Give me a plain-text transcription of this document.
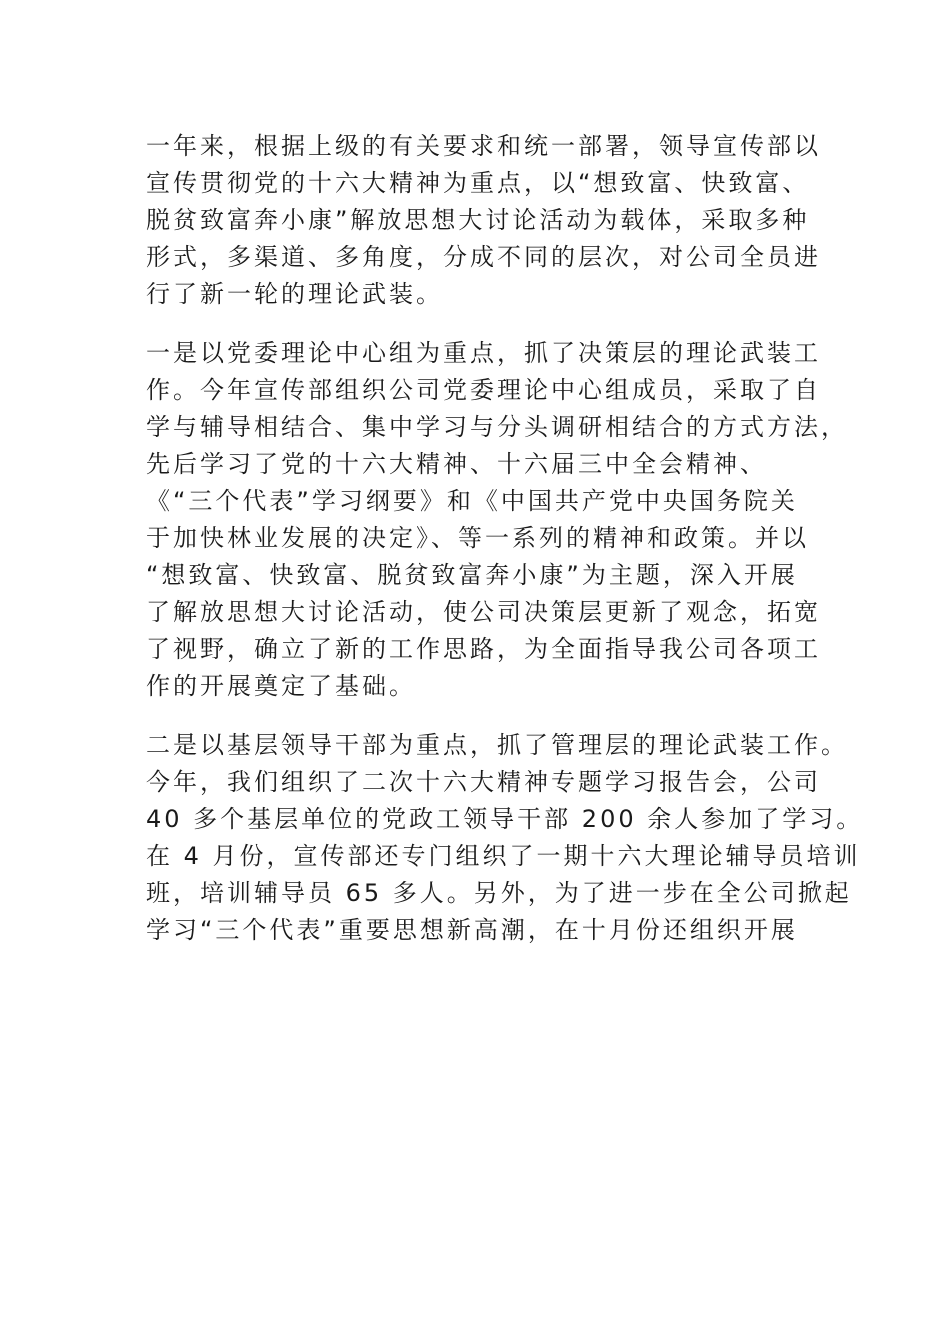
一年来，根据上级的有关要求和统一部署，领导宣传部以
宣传贯彻党的十六大精神为重点，以“想致富、快致富、
脱贫致富奔小康”解放思想大讨论活动为载体，采取多种
形式，多渠道、多角度，分成不同的层次，对公司全员进
行了新一轮的理论武装。
一是以党委理论中心组为重点，抓了决策层的理论武装工
作。今年宣传部组织公司党委理论中心组成员，采取了自
学与辅导相结合、集中学习与分头调研相结合的方式方法，
先后学习了党的十六大精神、十六届三中全会精神、
《“三个代表”学习纲要》和《中国共产党中央国务院关
于加快林业发展的决定》、等一系列的精神和政策。并以
“想致富、快致富、脱贫致富奔小康”为主题，深入开展
了解放思想大讨论活动，使公司决策层更新了观念，拓宽
了视野，确立了新的工作思路，为全面指导我公司各项工
作的开展奠定了基础。
二是以基层领导干部为重点，抓了管理层的理论武装工作。
今年，我们组织了二次十六大精神专题学习报告会，公司
40 多个基层单位的党政工领导干部 200 余人参加了学习。
在 4 月份，宣传部还专门组织了一期十六大理论辅导员培训
班，培训辅导员 65 多人。另外，为了进一步在全公司掀起
学习“三个代表”重要思想新高潮，在十月份还组织开展
